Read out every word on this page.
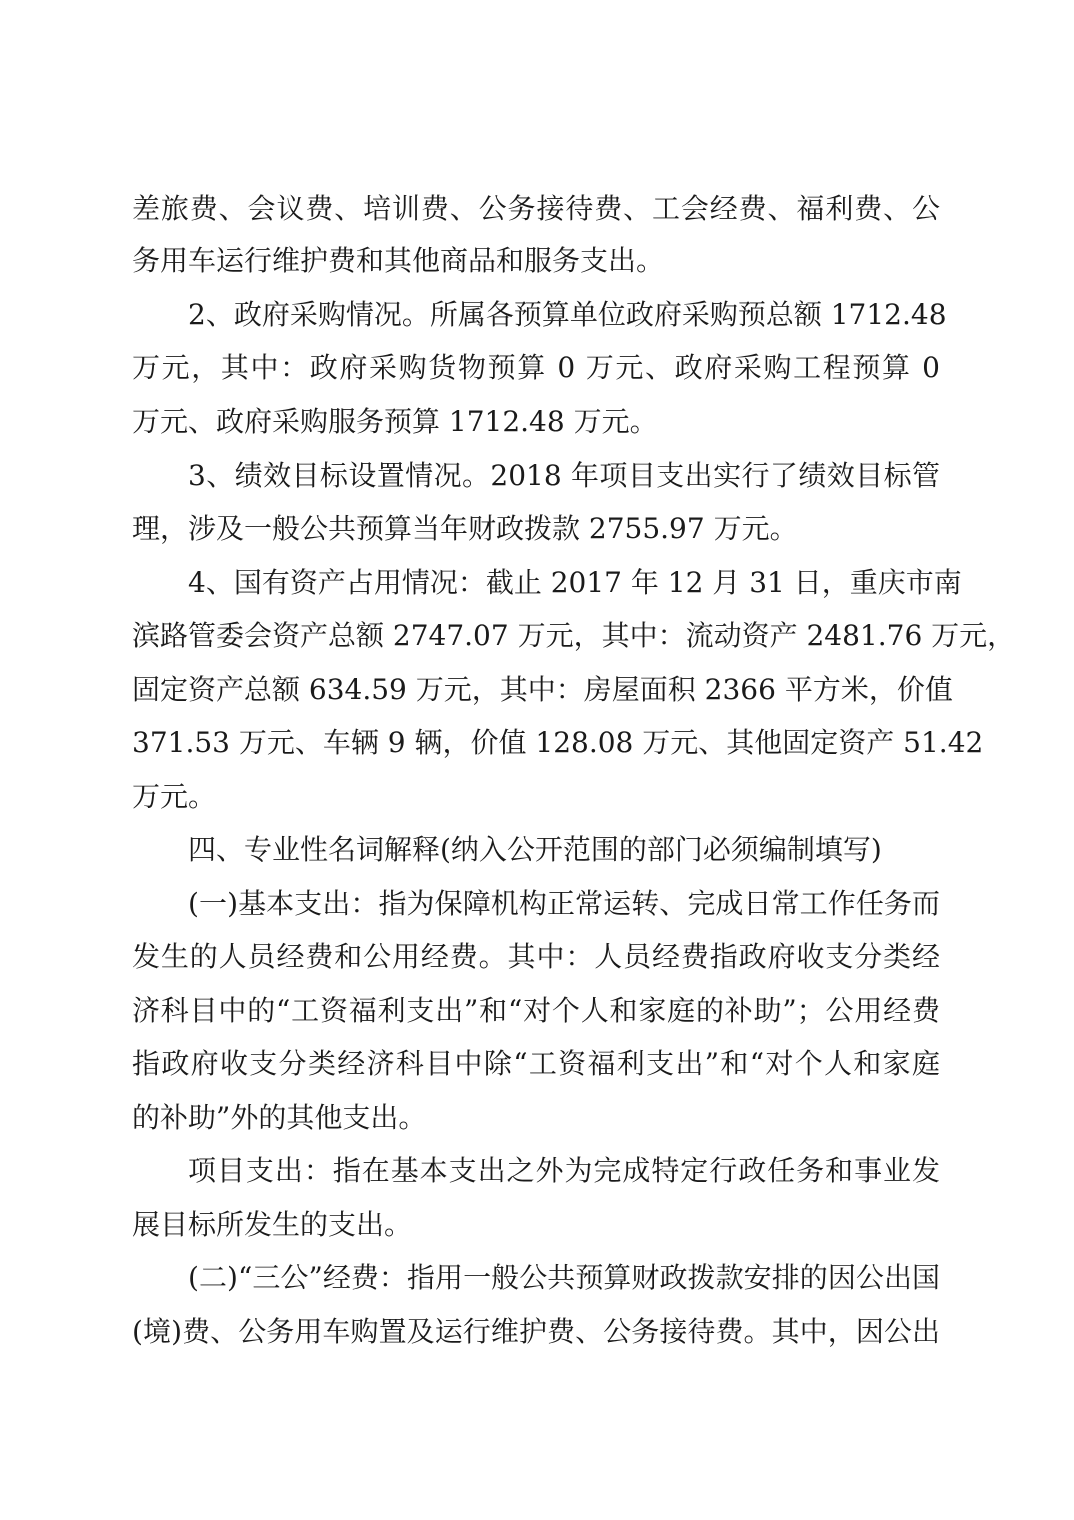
差旅费、会议费、培训费、公务接待费、工会经费、福利费、公
务用车运行维护费和其他商品和服务支出。
2、政府采购情况。所属各预算单位政府采购预总额 1712.48
万元，其中：政府采购货物预算 0 万元、政府采购工程预算 0
万元、政府采购服务预算 1712.48 万元。
3、绩效目标设置情况。2018 年项目支出实行了绩效目标管
理，涉及一般公共预算当年财政拨款 2755.97 万元。
4、国有资产占用情况：截止 2017 年 12 月 31 日，重庆市南
滨路管委会资产总额 2747.07 万元，其中：流动资产 2481.76 万元，
固定资产总额 634.59 万元，其中：房屋面积 2366 平方米，价值
371.53 万元、车辆 9 辆，价值 128.08 万元、其他固定资产 51.42
万元。
四、专业性名词解释(纳入公开范围的部门必须编制填写)
(一)基本支出：指为保障机构正常运转、完成日常工作任务而
发生的人员经费和公用经费。其中：人员经费指政府收支分类经
济科目中的“工资福利支出”和“对个人和家庭的补助”；公用经费
指政府收支分类经济科目中除“工资福利支出”和“对个人和家庭
的补助”外的其他支出。
项目支出：指在基本支出之外为完成特定行政任务和事业发
展目标所发生的支出。
(二)“三公”经费：指用一般公共预算财政拨款安排的因公出国
(境)费、公务用车购置及运行维护费、公务接待费。其中，因公出
